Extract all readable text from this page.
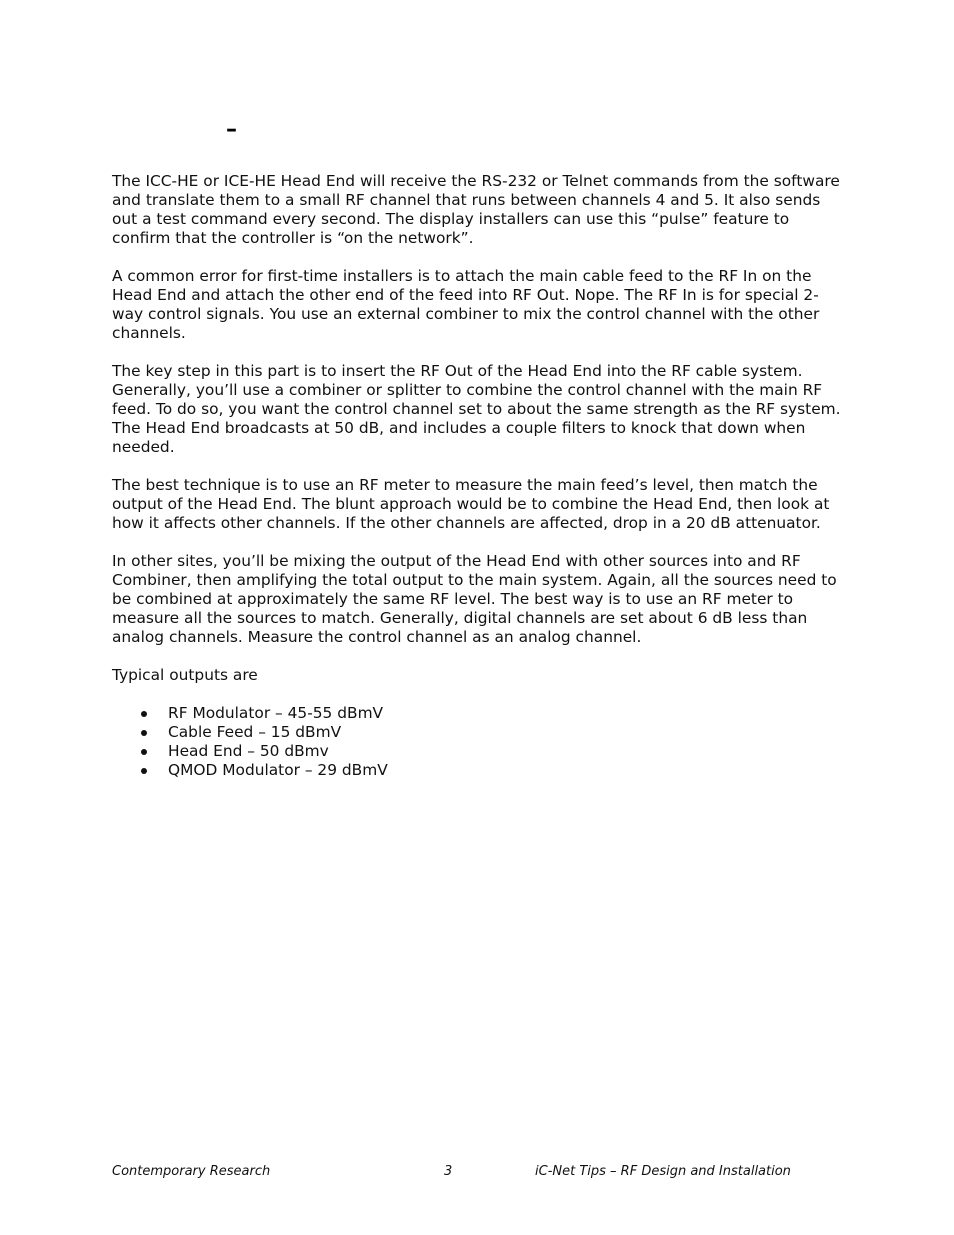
–

The ICC-HE or ICE-HE Head End will receive the RS-232 or Telnet commands from the software and translate them to a small RF channel that runs between channels 4 and 5. It also sends out a test command every second. The display installers can use this “pulse” feature to confirm that the controller is “on the network”.

A common error for first-time installers is to attach the main cable feed to the RF In on the Head End and attach the other end of the feed into RF Out. Nope. The RF In is for special 2-way control signals. You use an external combiner to mix the control channel with the other channels.

The key step in this part is to insert the RF Out of the Head End into the RF cable system. Generally, you’ll use a combiner or splitter to combine the control channel with the main RF feed. To do so, you want the control channel set to about the same strength as the RF system. The Head End broadcasts at 50 dB, and includes a couple filters to knock that down when needed.

The best technique is to use an RF meter to measure the main feed’s level, then match the output of the Head End. The blunt approach would be to combine the Head End, then look at how it affects other channels. If the other channels are affected, drop in a 20 dB attenuator.

In other sites, you’ll be mixing the output of the Head End with other sources into and RF Combiner, then amplifying the total output to the main system. Again, all the sources need to be combined at approximately the same RF level. The best way is to use an RF meter to measure all the sources to match. Generally, digital channels are set about 6 dB less than analog channels. Measure the control channel as an analog channel.

Typical outputs are

RF Modulator – 45-55 dBmV
Cable Feed – 15 dBmV
Head End – 50 dBmv
QMOD Modulator – 29 dBmV
Contemporary Research	3	iC-Net Tips – RF Design and Installation
